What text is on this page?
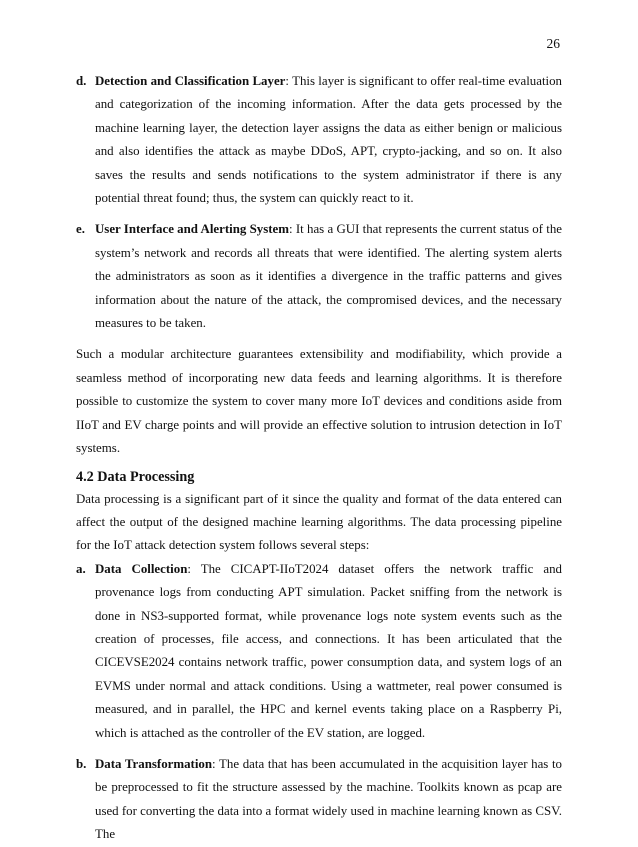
26
d. Detection and Classification Layer: This layer is significant to offer real-time evaluation and categorization of the incoming information. After the data gets processed by the machine learning layer, the detection layer assigns the data as either benign or malicious and also identifies the attack as maybe DDoS, APT, crypto-jacking, and so on. It also saves the results and sends notifications to the system administrator if there is any potential threat found; thus, the system can quickly react to it.
e. User Interface and Alerting System: It has a GUI that represents the current status of the system’s network and records all threats that were identified. The alerting system alerts the administrators as soon as it identifies a divergence in the traffic patterns and gives information about the nature of the attack, the compromised devices, and the necessary measures to be taken.

Such a modular architecture guarantees extensibility and modifiability, which provide a seamless method of incorporating new data feeds and learning algorithms. It is therefore possible to customize the system to cover many more IoT devices and conditions aside from IIoT and EV charge points and will provide an effective solution to intrusion detection in IoT systems.

4.2 Data Processing

Data processing is a significant part of it since the quality and format of the data entered can affect the output of the designed machine learning algorithms. The data processing pipeline for the IoT attack detection system follows several steps:

a. Data Collection: The CICAPT-IIoT2024 dataset offers the network traffic and provenance logs from conducting APT simulation. Packet sniffing from the network is done in NS3-supported format, while provenance logs note system events such as the creation of processes, file access, and connections. It has been articulated that the CICEVSE2024 contains network traffic, power consumption data, and system logs of an EVMS under normal and attack conditions. Using a wattmeter, real power consumed is measured, and in parallel, the HPC and kernel events taking place on a Raspberry Pi, which is attached as the controller of the EV station, are logged.
b. Data Transformation: The data that has been accumulated in the acquisition layer has to be preprocessed to fit the structure assessed by the machine. Toolkits known as pcap are used for converting the data into a format widely used in machine learning known as CSV. The
